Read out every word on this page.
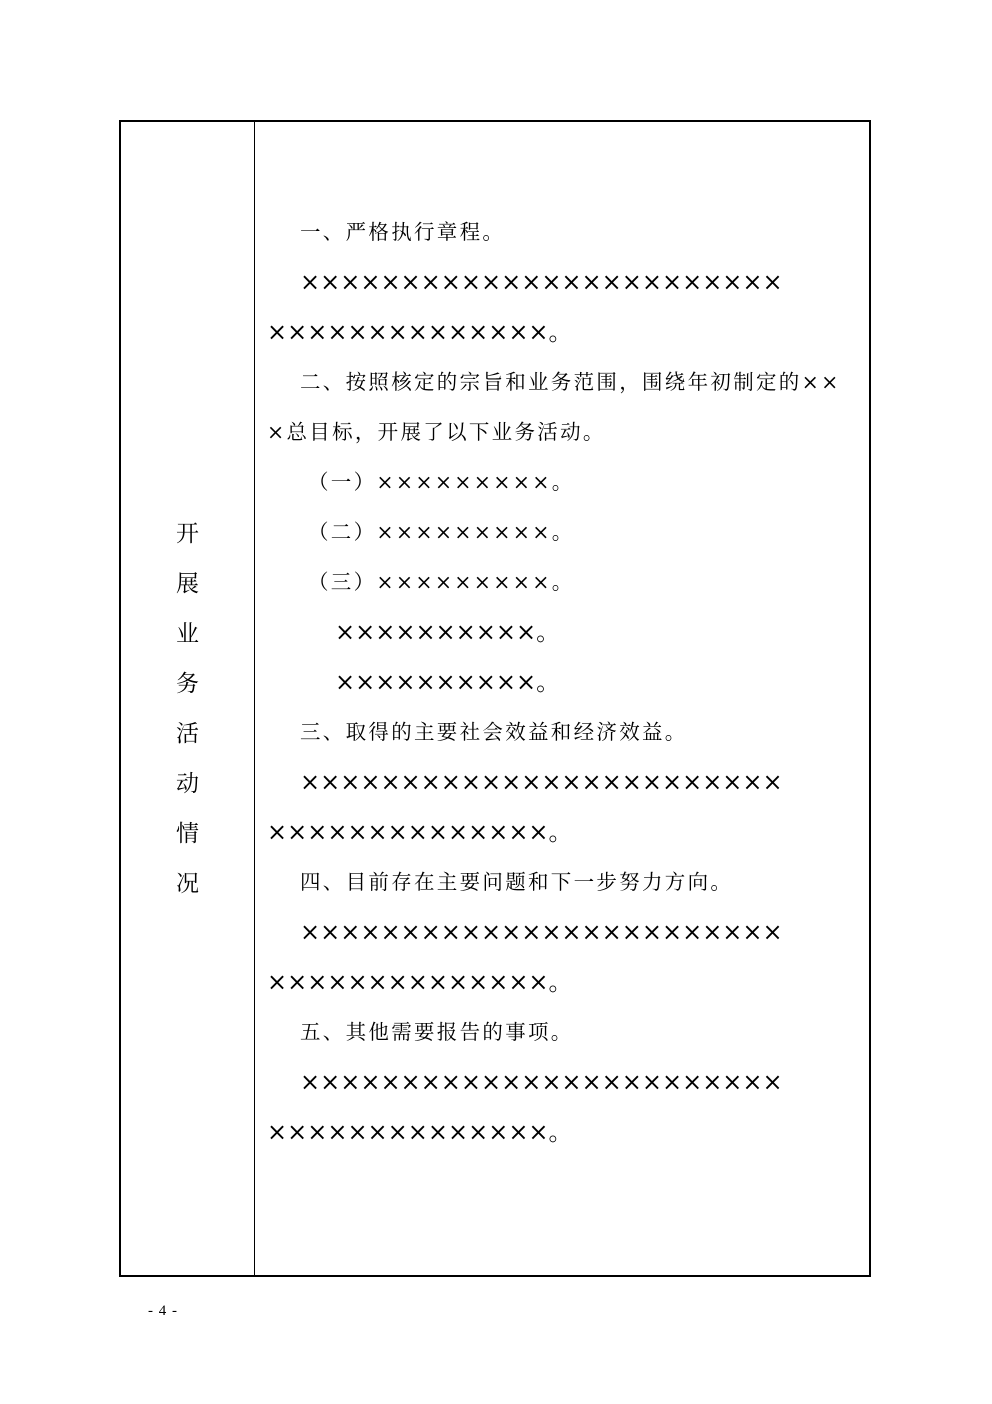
开
展
业
务
活
动
情
况
一、严格执行章程。
××××××××××××××××××××××××
××××××××××××××。
二、按照核定的宗旨和业务范围，围绕年初制定的××
×总目标，开展了以下业务活动。
（一）×××××××××。
（二）×××××××××。
（三）×××××××××。
××××××××××。
××××××××××。
三、取得的主要社会效益和经济效益。
××××××××××××××××××××××××
××××××××××××××。
四、目前存在主要问题和下一步努力方向。
××××××××××××××××××××××××
××××××××××××××。
五、其他需要报告的事项。
××××××××××××××××××××××××
××××××××××××××。
- 4 -
